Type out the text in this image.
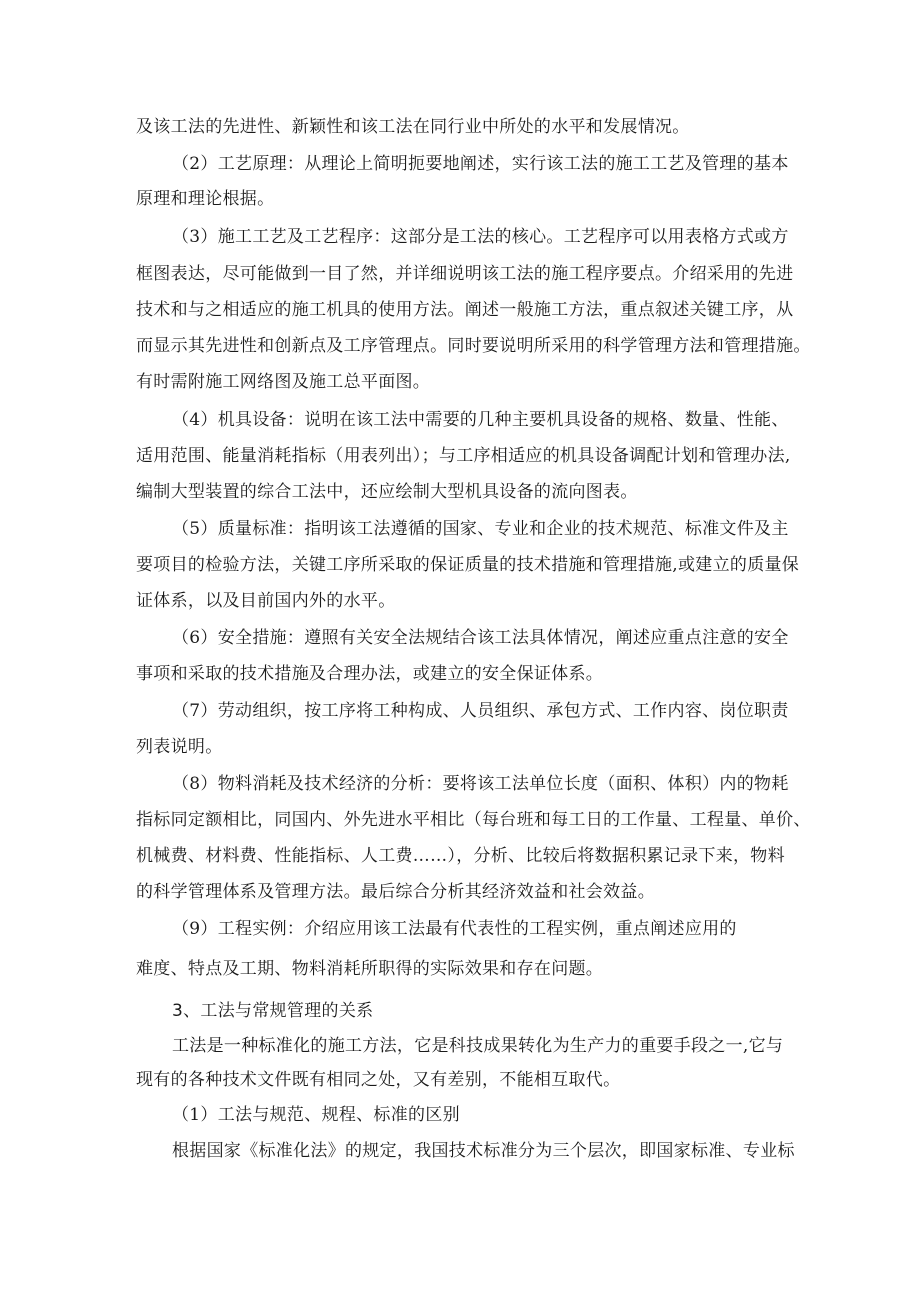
及该工法的先进性、新颖性和该工法在同行业中所处的水平和发展情况。
（2）工艺原理：从理论上简明扼要地阐述，实行该工法的施工工艺及管理的基本
原理和理论根据。
（3）施工工艺及工艺程序：这部分是工法的核心。工艺程序可以用表格方式或方
框图表达，尽可能做到一目了然，并详细说明该工法的施工程序要点。介绍采用的先进
技术和与之相适应的施工机具的使用方法。阐述一般施工方法，重点叙述关键工序，从
而显示其先进性和创新点及工序管理点。同时要说明所采用的科学管理方法和管理措施。
有时需附施工网络图及施工总平面图。
（4）机具设备：说明在该工法中需要的几种主要机具设备的规格、数量、性能、
适用范围、能量消耗指标（用表列出）；与工序相适应的机具设备调配计划和管理办法,
编制大型装置的综合工法中，还应绘制大型机具设备的流向图表。
（5）质量标准：指明该工法遵循的国家、专业和企业的技术规范、标准文件及主
要项目的检验方法，关键工序所采取的保证质量的技术措施和管理措施,或建立的质量保
证体系，以及目前国内外的水平。
（6）安全措施：遵照有关安全法规结合该工法具体情况，阐述应重点注意的安全
事项和采取的技术措施及合理办法，或建立的安全保证体系。
（7）劳动组织，按工序将工种构成、人员组织、承包方式、工作内容、岗位职责
列表说明。
（8）物料消耗及技术经济的分析：要将该工法单位长度（面积、体积）内的物耗
指标同定额相比，同国内、外先进水平相比（每台班和每工日的工作量、工程量、单价、
机械费、材料费、性能指标、人工费……），分析、比较后将数据积累记录下来，物料
的科学管理体系及管理方法。最后综合分析其经济效益和社会效益。
（9）工程实例：介绍应用该工法最有代表性的工程实例，重点阐述应用的
难度、特点及工期、物料消耗所职得的实际效果和存在问题。
3、工法与常规管理的关系
工法是一种标准化的施工方法，它是科技成果转化为生产力的重要手段之一,它与
现有的各种技术文件既有相同之处，又有差别，不能相互取代。
（1）工法与规范、规程、标准的区别
根据国家《标准化法》的规定，我国技术标准分为三个层次，即国家标准、专业标
